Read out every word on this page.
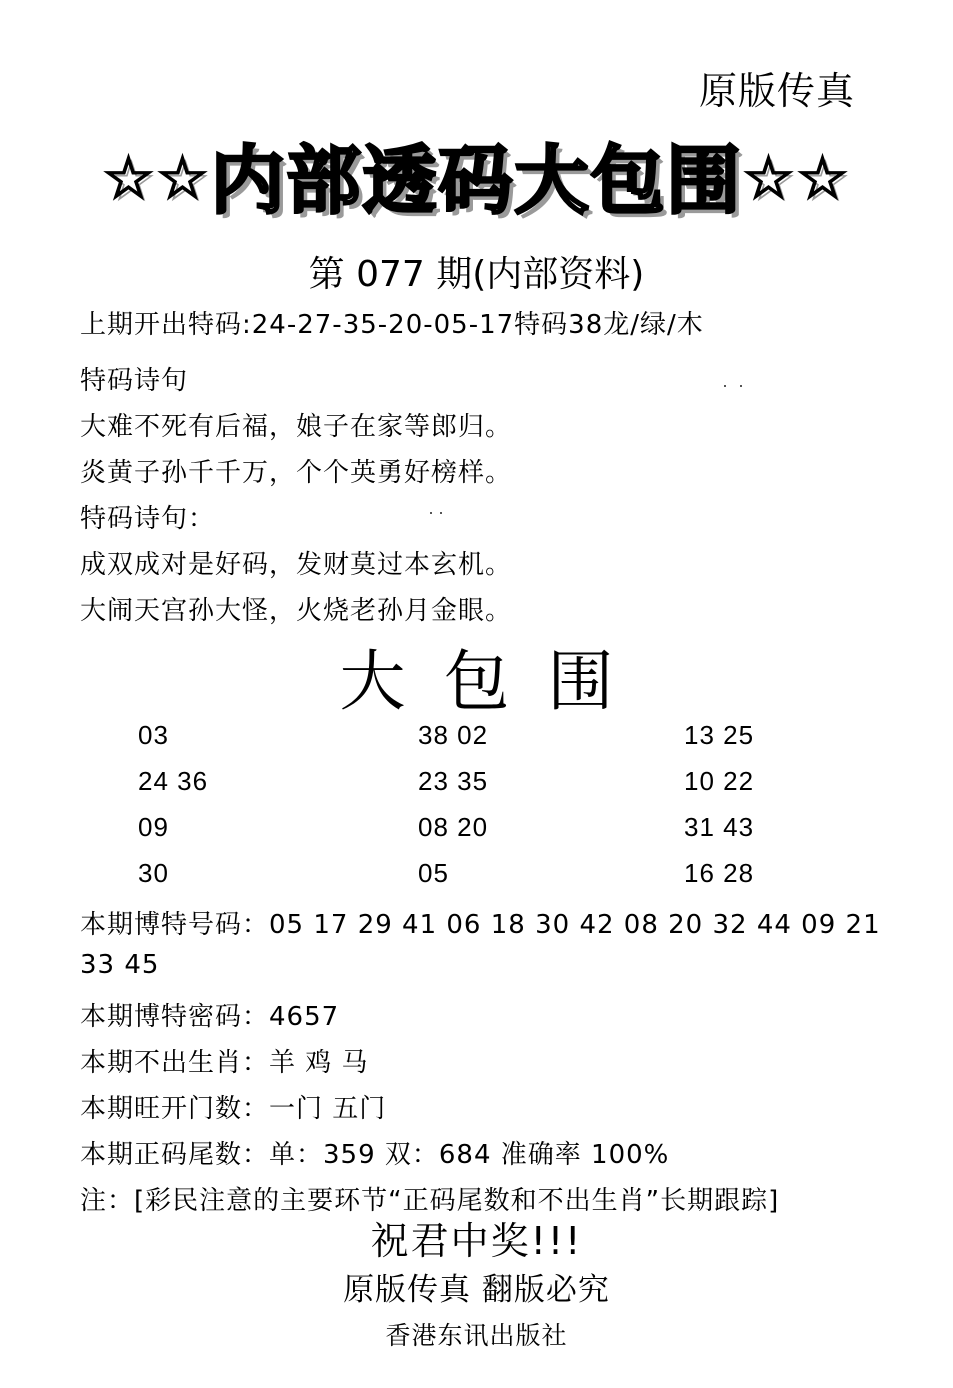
原版传真
☆☆内部透码大包围☆☆
第 077 期(内部资料)
上期开出特码:24-27-35-20-05-17特码38龙/绿/木
特码诗句
大难不死有后福，娘子在家等郎归。
炎黄子孙千千万，个个英勇好榜样。
特码诗句：
成双成对是好码，发财莫过本玄机。
大闹天宫孙大怪，火烧老孙月金眼。
大包围
03	38 02	13 25
24 36	23 35	10 22
09	08 20	31 43
30	05	16 28
本期博特号码：05 17 29 41 06 18 30 42 08 20 32 44 09 21
33 45
本期博特密码：4657
本期不出生肖：羊 鸡 马
本期旺开门数：一门 五门
本期正码尾数：单：359 双：684 准确率 100%
注：[彩民注意的主要环节“正码尾数和不出生肖”长期跟踪]
祝君中奖!!!
原版传真 翻版必究
香港东讯出版社
